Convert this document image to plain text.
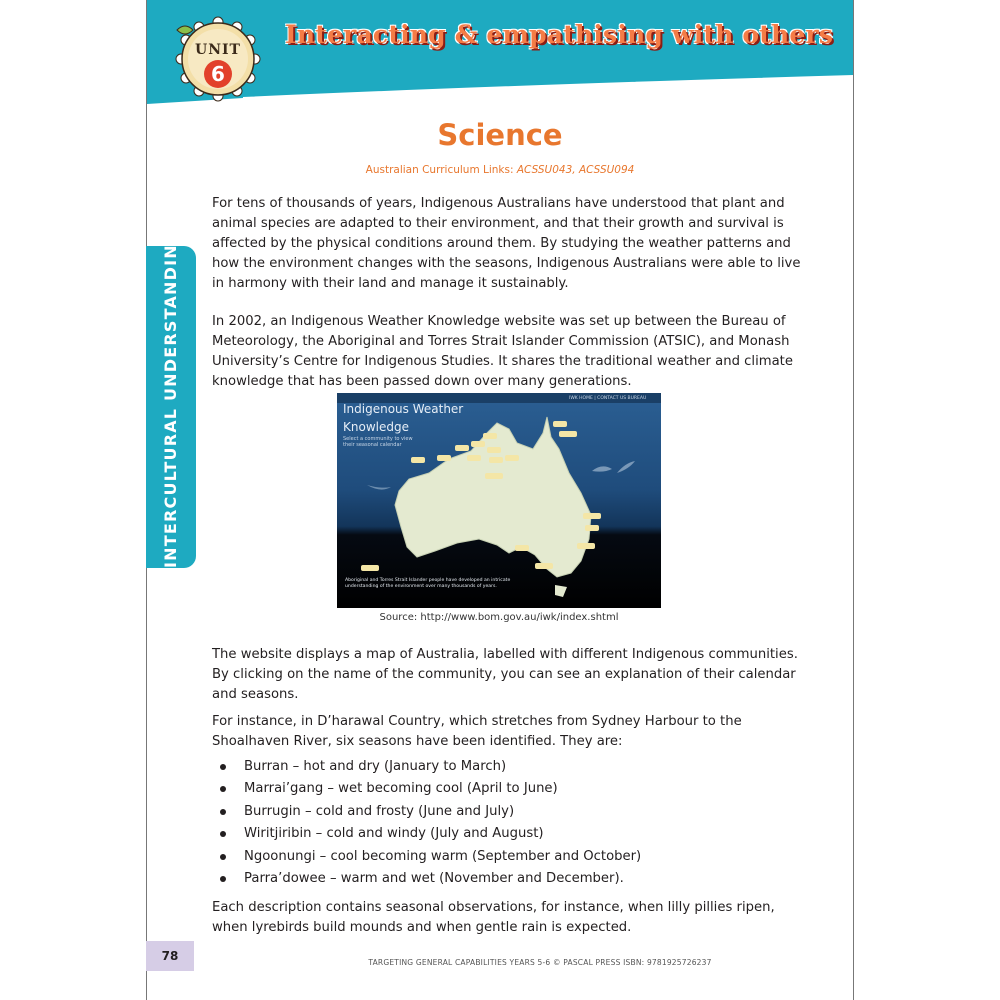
UNIT
6
Interacting & empathising with others
INTERCULTURAL UNDERSTANDING
Science
Australian Curriculum Links: ACSSU043, ACSSU094

For tens of thousands of years, Indigenous Australians have understood that plant and animal species are adapted to their environment, and that their growth and survival is affected by the physical conditions around them. By studying the weather patterns and how the environment changes with the seasons, Indigenous Australians were able to live in harmony with their land and manage it sustainably.

In 2002, an Indigenous Weather Knowledge website was set up between the Bureau of Meteorology, the Aboriginal and Torres Strait Islander Commission (ATSIC), and Monash University’s Centre for Indigenous Studies. It shares the traditional weather and climate knowledge that has been passed down over many generations.

Indigenous Weather Knowledge
Select a community to view their seasonal calendar
IWK HOME | CONTACT US BUREAU
Aboriginal and Torres Strait Islander people have developed an intricate understanding of the environment over many thousands of years.
Source: http://www.bom.gov.au/iwk/index.shtml

The website displays a map of Australia, labelled with different Indigenous communities. By clicking on the name of the community, you can see an explanation of their calendar and seasons.

For instance, in D’harawal Country, which stretches from Sydney Harbour to the Shoalhaven River, six seasons have been identified. They are:

Burran – hot and dry (January to March)
Marrai’gang – wet becoming cool (April to June)
Burrugin – cold and frosty (June and July)
Wiritjiribin – cold and windy (July and August)
Ngoonungi – cool becoming warm (September and October)
Parra’dowee – warm and wet (November and December).

Each description contains seasonal observations, for instance, when lilly pillies ripen, when lyrebirds build mounds and when gentle rain is expected.

78	TARGETING GENERAL CAPABILITIES YEARS 5-6 © PASCAL PRESS ISBN: 9781925726237
